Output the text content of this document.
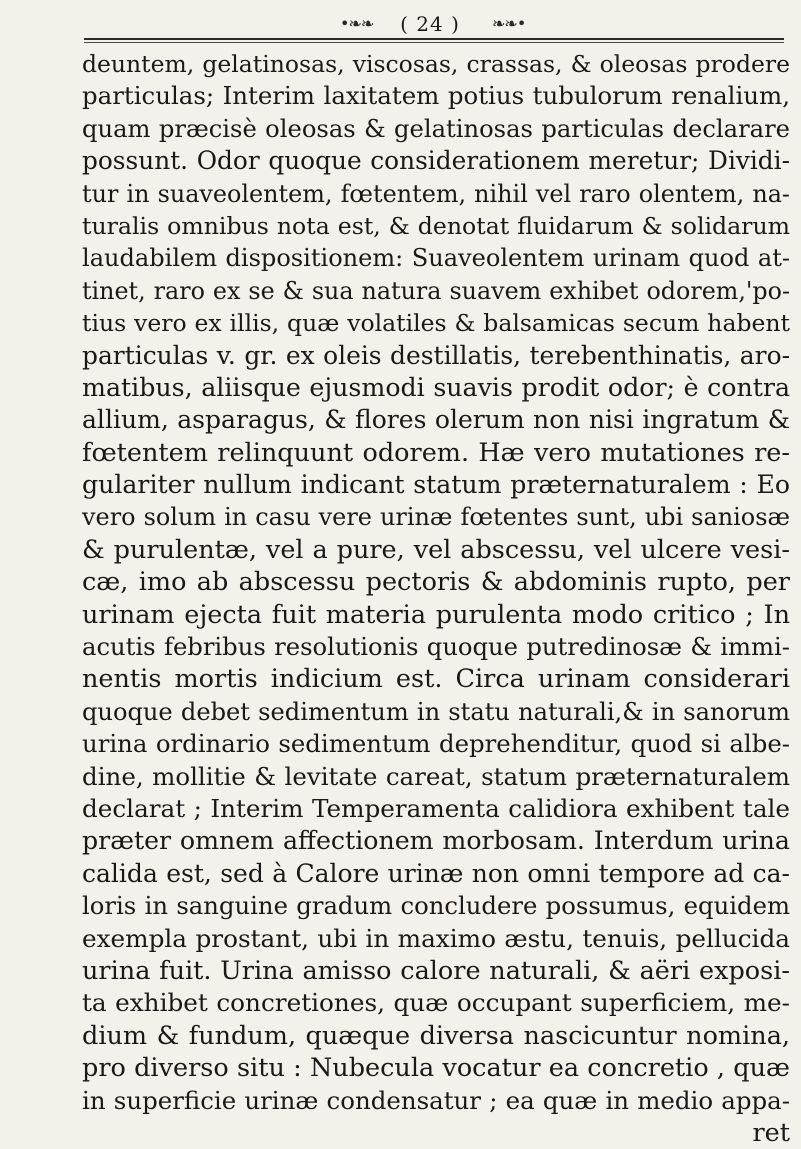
•❧❧	( 24 )	❧❧•
deuntem, gelatinosas, viscosas, crassas, & oleosas prodere
particulas; Interim laxitatem potius tubulorum renalium,
quam præcisè oleosas & gelatinosas particulas declarare
possunt. Odor quoque considerationem meretur; Dividi-
tur in suaveolentem, fœtentem, nihil vel raro olentem, na-
turalis omnibus nota est, & denotat fluidarum & solidarum
laudabilem dispositionem: Suaveolentem urinam quod at-
tinet, raro ex se & sua natura suavem exhibet odorem,'po-
tius vero ex illis, quæ volatiles & balsamicas secum habent
particulas v. gr. ex oleis destillatis, terebenthinatis, aro-
matibus, aliisque ejusmodi suavis prodit odor; è contra
allium, asparagus, & flores olerum non nisi ingratum &
fœtentem relinquunt odorem. Hæ vero mutationes re-
gulariter nullum indicant statum præternaturalem : Eo
vero solum in casu vere urinæ fœtentes sunt, ubi saniosæ
& purulentæ, vel a pure, vel abscessu, vel ulcere vesi-
cæ, imo ab abscessu pectoris & abdominis rupto, per
urinam ejecta fuit materia purulenta modo critico ; In
acutis febribus resolutionis quoque putredinosæ & immi-
nentis mortis indicium est. Circa urinam considerari
quoque debet sedimentum in statu naturali,& in sanorum
urina ordinario sedimentum deprehenditur, quod si albe-
dine, mollitie & levitate careat, statum præternaturalem
declarat ; Interim Temperamenta calidiora exhibent tale
præter omnem affectionem morbosam. Interdum urina
calida est, sed à Calore urinæ non omni tempore ad ca-
loris in sanguine gradum concludere possumus, equidem
exempla prostant, ubi in maximo æstu, tenuis, pellucida
urina fuit. Urina amisso calore naturali, & aëri exposi-
ta exhibet concretiones, quæ occupant superficiem, me-
dium & fundum, quæque diversa nascicuntur nomina,
pro diverso situ : Nubecula vocatur ea concretio , quæ
in superficie urinæ condensatur ; ea quæ in medio appa-
ret
